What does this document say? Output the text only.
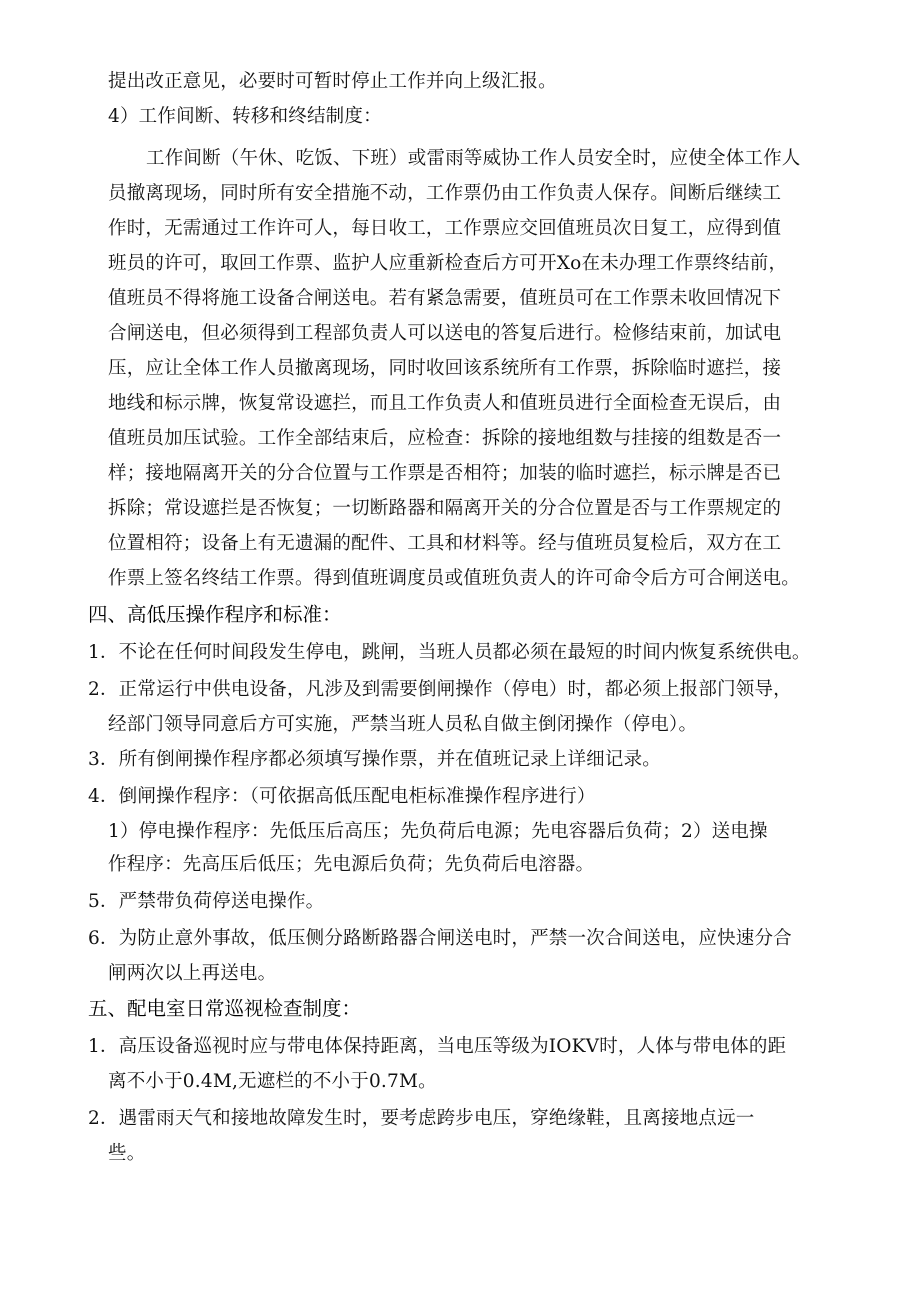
提出改正意见，必要时可暂时停止工作并向上级汇报。
4）工作间断、转移和终结制度：
工作间断（午休、吃饭、下班）或雷雨等威协工作人员安全时，应使全体工作人
员撤离现场，同时所有安全措施不动，工作票仍由工作负责人保存。间断后继续工
作时，无需通过工作许可人，每日收工，工作票应交回值班员次日复工，应得到值
班员的许可，取回工作票、监护人应重新检查后方可开Xo在未办理工作票终结前，
值班员不得将施工设备合闸送电。若有紧急需要，值班员可在工作票未收回情况下
合闸送电，但必须得到工程部负责人可以送电的答复后进行。检修结束前，加试电
压，应让全体工作人员撤离现场，同时收回该系统所有工作票，拆除临时遮拦，接
地线和标示牌，恢复常设遮拦，而且工作负责人和值班员进行全面检查无误后，由
值班员加压试验。工作全部结束后，应检查：拆除的接地组数与挂接的组数是否一
样；接地隔离开关的分合位置与工作票是否相符；加装的临时遮拦，标示牌是否已
拆除；常设遮拦是否恢复；一切断路器和隔离开关的分合位置是否与工作票规定的
位置相符；设备上有无遗漏的配件、工具和材料等。经与值班员复检后，双方在工
作票上签名终结工作票。得到值班调度员或值班负责人的许可命令后方可合闸送电。
四、高低压操作程序和标准：
1．不论在任何时间段发生停电，跳闸，当班人员都必须在最短的时间内恢复系统供电。
2．正常运行中供电设备，凡涉及到需要倒闸操作（停电）时，都必须上报部门领导，
经部门领导同意后方可实施，严禁当班人员私自做主倒闭操作（停电）。
3．所有倒闸操作程序都必须填写操作票，并在值班记录上详细记录。
4．倒闸操作程序：（可依据高低压配电柜标准操作程序进行）
1）停电操作程序：先低压后高压；先负荷后电源；先电容器后负荷；2）送电操
作程序：先高压后低压；先电源后负荷；先负荷后电溶器。
5．严禁带负荷停送电操作。
6．为防止意外事故，低压侧分路断路器合闸送电时，严禁一次合间送电，应快速分合
闸两次以上再送电。
五、配电室日常巡视检查制度：
1．高压设备巡视时应与带电体保持距离，当电压等级为IOKV时，人体与带电体的距
离不小于0.4M,无遮栏的不小于0.7M。
2．遇雷雨天气和接地故障发生时，要考虑跨步电压，穿绝缘鞋，且离接地点远一
些。
